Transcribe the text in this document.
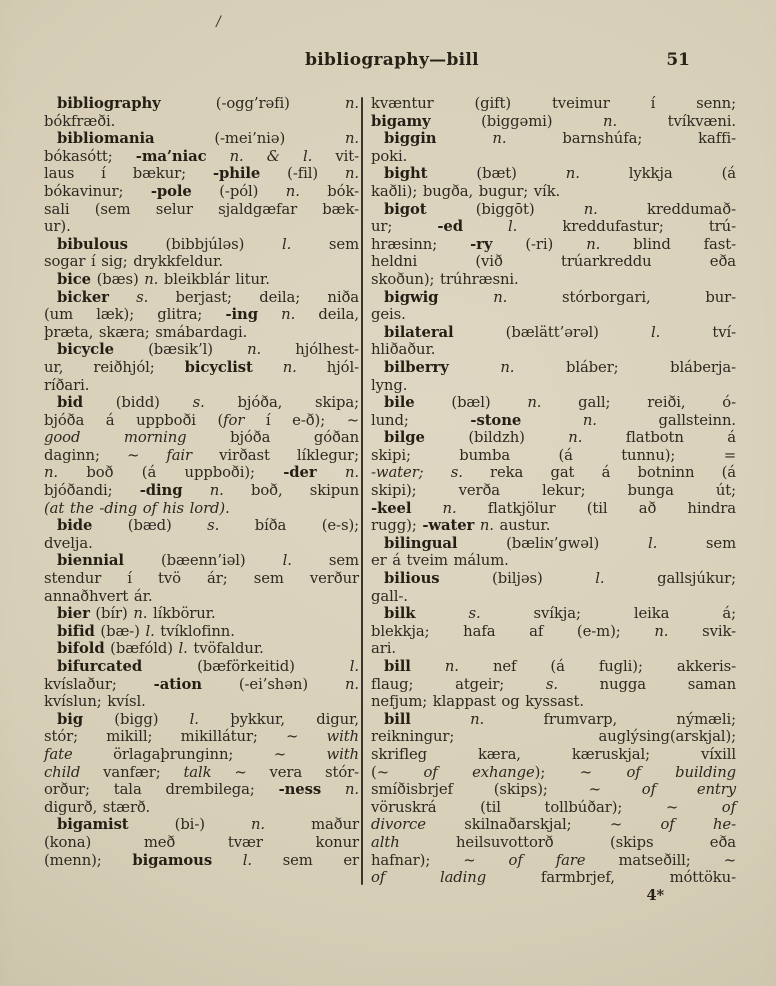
/
bibliography—bill	51
bibliography (-ogg’rəfi) n.
bókfræði.
bibliomania (-mei’niə) n.
bókasótt; -ma’niac n. & l. vit-
laus í bækur; -phile (-fil) n.
bókavinur; -pole (-pól) n. bók-
sali (sem selur sjaldgæfar bæk-
ur).
bibulous (bibbjúləs) l. sem
sogar í sig; drykkfeldur.
bice (bæs) n. bleikblár litur.
bicker s. berjast; deila; niða
(um læk); glitra; -ing n. deila,
þræta, skæra; smábardagi.
bicycle (bæsik’l) n. hjólhest-
ur, reiðhjól; bicyclist n. hjól-
ríðari.
bid (bidd) s. bjóða, skipa;
bjóða á uppboði (for í e-ð); ~
good morning bjóða góðan
daginn; ~ fair virðast líklegur;
n. boð (á uppboði); -der n.
bjóðandi; -ding n. boð, skipun
(at the -ding of his lord).
bide (bæd) s. bíða (e-s);
dvelja.
biennial (bæenn’iəl) l. sem
stendur í tvö ár; sem verður
annaðhvert ár.
bier (bír) n. líkbörur.
bifid (bæ-) l. tvíklofinn.
bifold (bæfóld) l. tvöfaldur.
bifurcated (bæförkeitid) l.
kvíslaður; -ation (-ei’shən) n.
kvíslun; kvísl.
big (bigg) l. þykkur, digur,
stór; mikill; mikillátur; ~ with
fate örlagaþrunginn; ~ with
child vanfær; talk ~ vera stór-
orður; tala drembilega; -ness n.
digurð, stærð.
bigamist (bi-) n. maður
(kona) með tvær konur
(menn); bigamous l. sem er
kvæntur (gift) tveimur í senn;
bigamy (biggəmi) n. tvíkvæni.
biggin	n. barnshúfa; kaffi-
poki.
bight (bæt) n. lykkja (á
kaðli); bugða, bugur; vík.
bigot (biggōt) n. kreddumað-
ur; -ed	l. kreddufastur; trú-
hræsinn; -ry (-ri) n. blind fast-
heldni (við trúarkreddu eða
skoðun); trúhræsni.
bigwig	n. stórborgari, bur-
geis.
bilateral (bælätt’ərəl) l. tví-
hliðaður.
bilberry	n. bláber; bláberja-
lyng.
bile (bæl) n. gall; reiði, ó-
lund; -stone	n. gallsteinn.
bilge (bildzh) n. flatbotn á
skipi; bumba (á tunnu); =
-water; s. reka gat á botninn (á
skipi); verða lekur; bunga út;
-keel n. flatkjölur (til að hindra
rugg); -water n. austur.
bilingual (bæliɴ’gwəl) l. sem
er á tveim málum.
bilious (biljəs) l. gallsjúkur;
gall-.
bilk	s. svíkja; leika á;
blekkja; hafa af (e-m); n. svik-
ari.
bill n. nef (á fugli); akkeris-
flaug; atgeir; s. nugga saman
nefjum; klappast og kyssast.
bill	n. frumvarp, nýmæli;
reikningur; auglýsing(arskjal);
skrifleg kæra, kæruskjal; víxill
(~ of exhange); ~ of building
smíðisbrjef (skips); ~ of entry
vöruskrá (til tollbúðar); ~ of
divorce skilnaðarskjal; ~ of he-
alth heilsuvottorð (skips eða
hafnar); ~ of fare matseðill; ~
of lading farmbrjef, móttöku-
4*
